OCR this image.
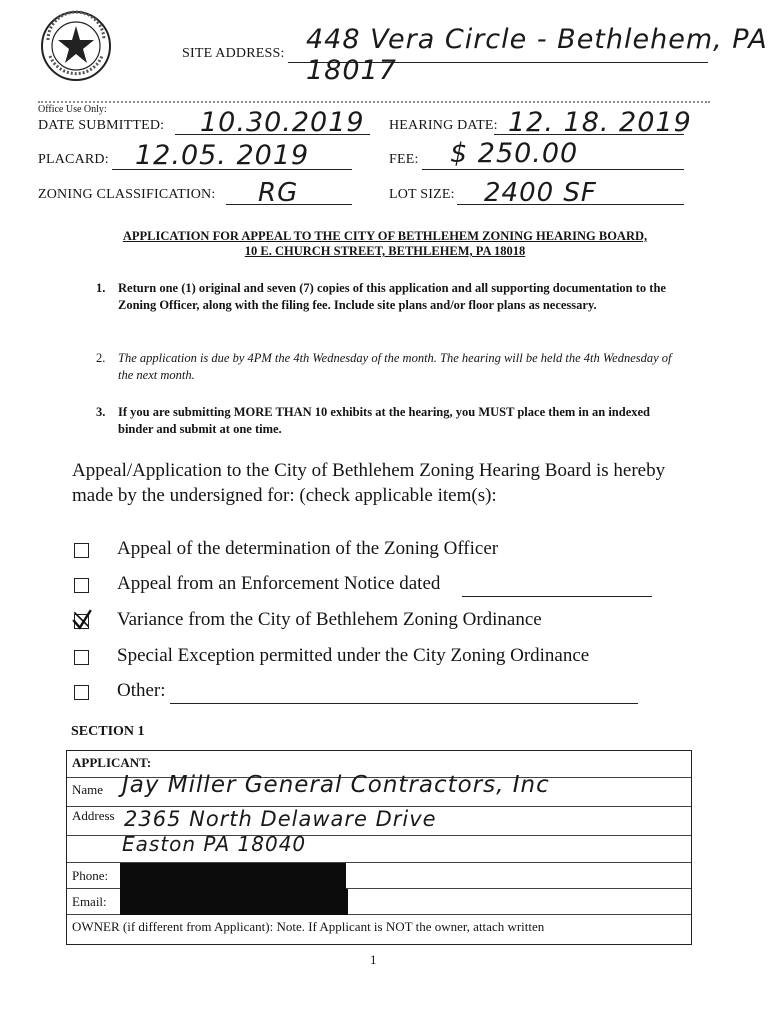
SITE ADDRESS: 448 Vera Circle - Bethlehem, PA 18017
Office Use Only:
DATE SUBMITTED: 10.30.2019 HEARING DATE: 12. 18. 2019
PLACARD: 12.05. 2019	FEE: $ 250.00
ZONING CLASSIFICATION: RG	LOT SIZE: 2400 SF
APPLICATION FOR APPEAL TO THE CITY OF BETHLEHEM ZONING HEARING BOARD,
10 E. CHURCH STREET, BETHLEHEM, PA 18018
1. Return one (1) original and seven (7) copies of this application and all supporting documentation to the Zoning Officer, along with the filing fee. Include site plans and/or floor plans as necessary.
2. The application is due by 4PM the 4th Wednesday of the month. The hearing will be held the 4th Wednesday of the next month.
3. If you are submitting MORE THAN 10 exhibits at the hearing, you MUST place them in an indexed binder and submit at one time.
Appeal/Application to the City of Bethlehem Zoning Hearing Board is hereby made by the undersigned for: (check applicable item(s):
Appeal of the determination of the Zoning Officer
Appeal from an Enforcement Notice dated
Variance from the City of Bethlehem Zoning Ordinance
Special Exception permitted under the City Zoning Ordinance
Other:
SECTION 1
APPLICANT:
Name Jay Miller General Contractors, Inc
Address 2365 North Delaware Drive
Easton PA 18040
Phone:
Email:
OWNER (if different from Applicant): Note. If Applicant is NOT the owner, attach written
1
